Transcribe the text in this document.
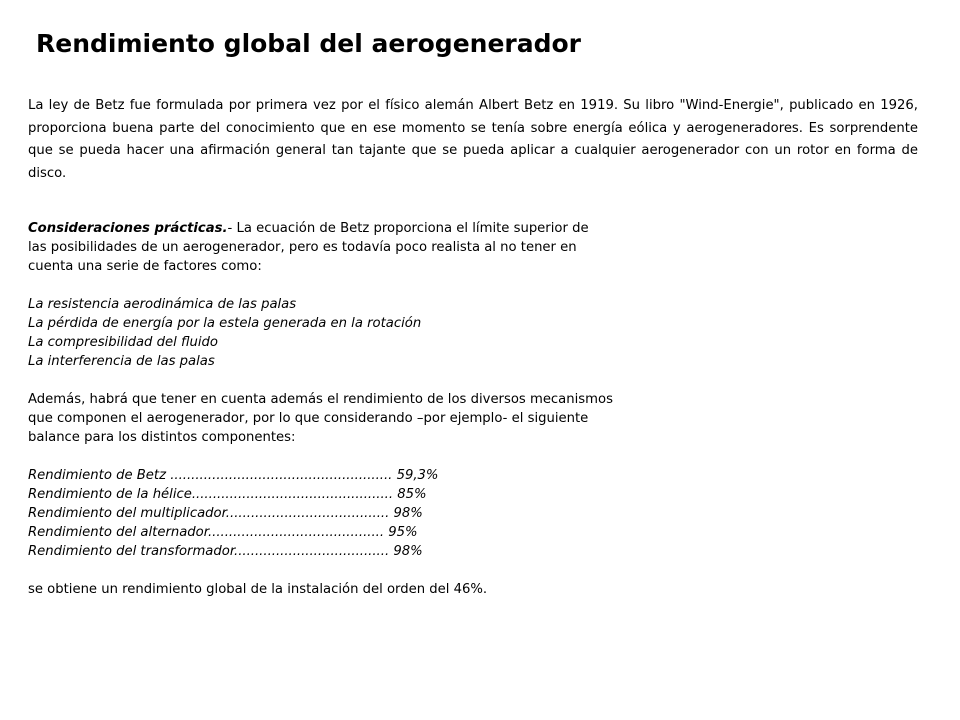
Rendimiento global del aerogenerador

La ley de Betz fue formulada por primera vez por el físico alemán Albert Betz en 1919. Su libro "Wind-Energie", publicado en 1926, proporciona buena parte del conocimiento que en ese momento se tenía sobre energía eólica y aerogeneradores. Es sorprendente que se pueda hacer una afirmación general tan tajante que se pueda aplicar a cualquier aerogenerador con un rotor en forma de disco.

Consideraciones prácticas.- La ecuación de Betz proporciona el límite superior de

las posibilidades de un aerogenerador, pero es todavía poco realista al no tener en

cuenta una serie de factores como:

La resistencia aerodinámica de las palas

La pérdida de energía por la estela generada en la rotación

La compresibilidad del fluido

La interferencia de las palas

Además, habrá que tener en cuenta además el rendimiento de los diversos mecanismos

que componen el aerogenerador, por lo que considerando –por ejemplo- el siguiente

balance para los distintos componentes:

Rendimiento de Betz ..................................................... 59,3%

Rendimiento de la hélice................................................ 85%

Rendimiento del multiplicador....................................... 98%

Rendimiento del alternador.......................................... 95%

Rendimiento del transformador..................................... 98%

se obtiene un rendimiento global de la instalación del orden del 46%.
